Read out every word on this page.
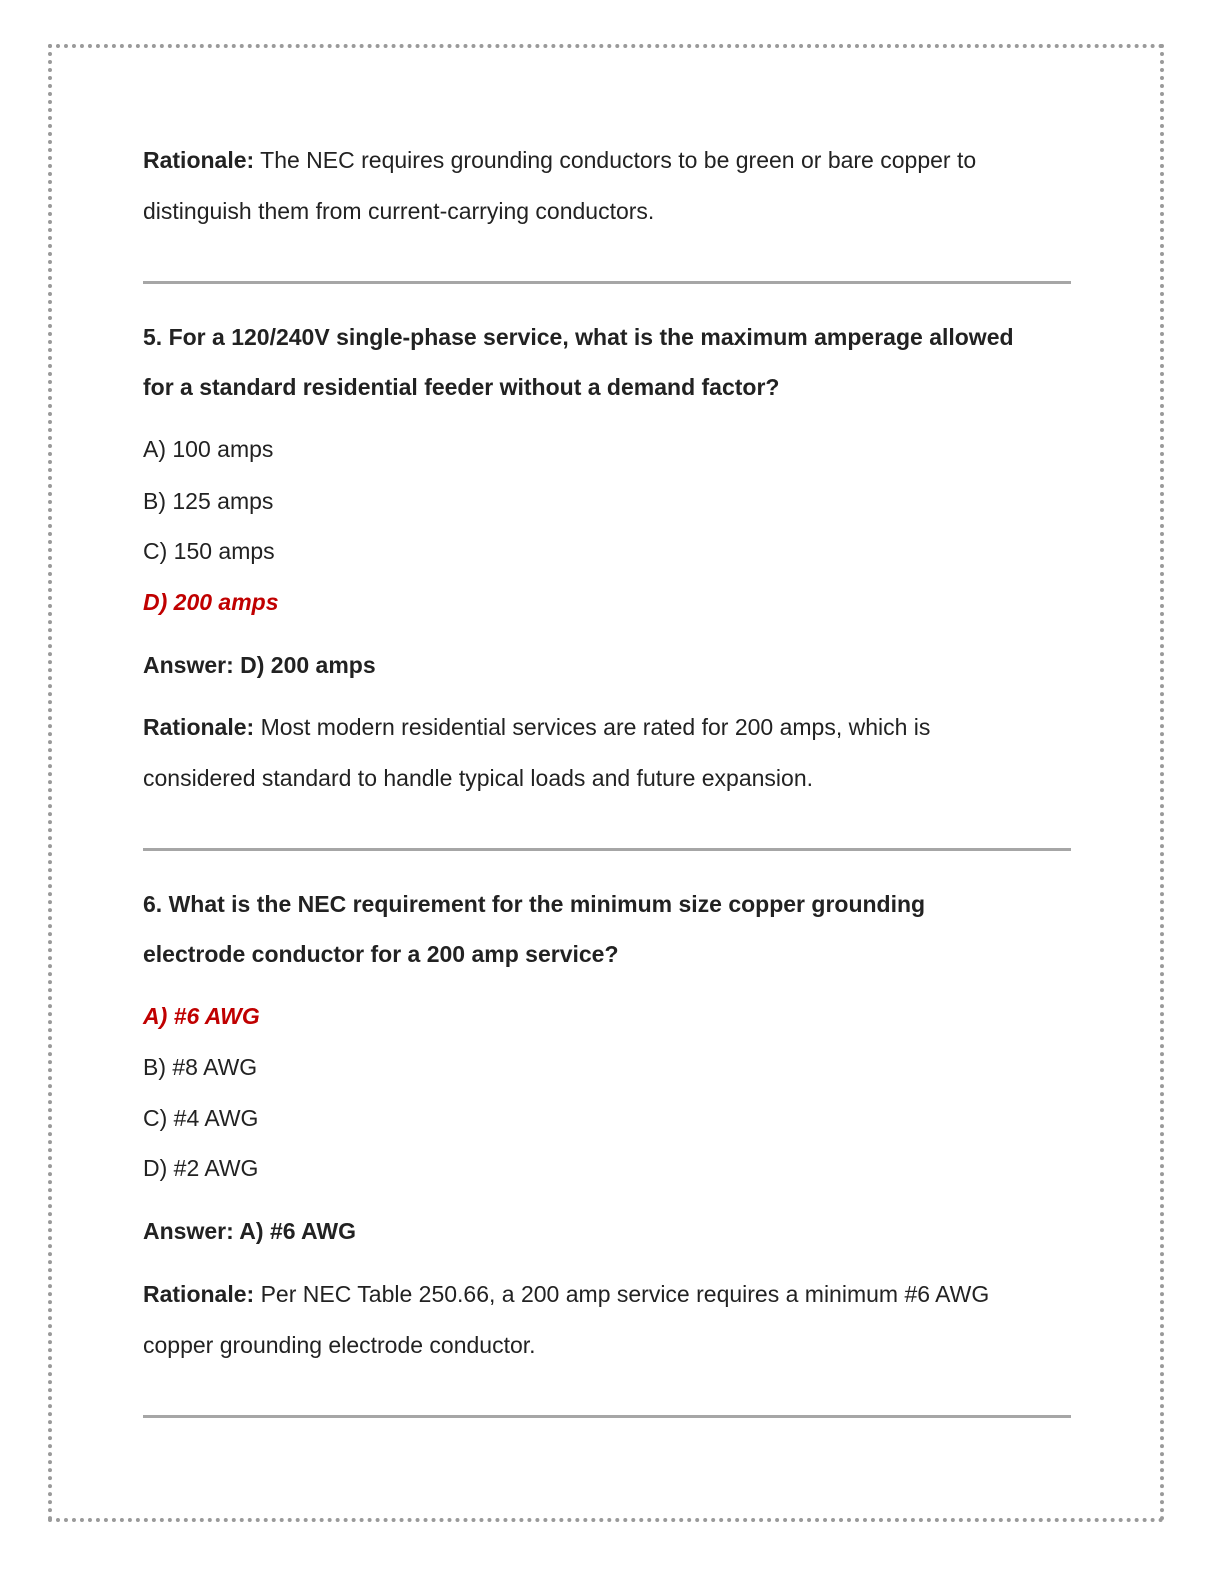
Rationale: The NEC requires grounding conductors to be green or bare copper to

distinguish them from current-carrying conductors.

5. For a 120/240V single-phase service, what is the maximum amperage allowed

for a standard residential feeder without a demand factor?

A) 100 amps

B) 125 amps

C) 150 amps

D) 200 amps

Answer: D) 200 amps

Rationale: Most modern residential services are rated for 200 amps, which is

considered standard to handle typical loads and future expansion.

6. What is the NEC requirement for the minimum size copper grounding

electrode conductor for a 200 amp service?

A) #6 AWG

B) #8 AWG

C) #4 AWG

D) #2 AWG

Answer: A) #6 AWG

Rationale: Per NEC Table 250.66, a 200 amp service requires a minimum #6 AWG

copper grounding electrode conductor.
